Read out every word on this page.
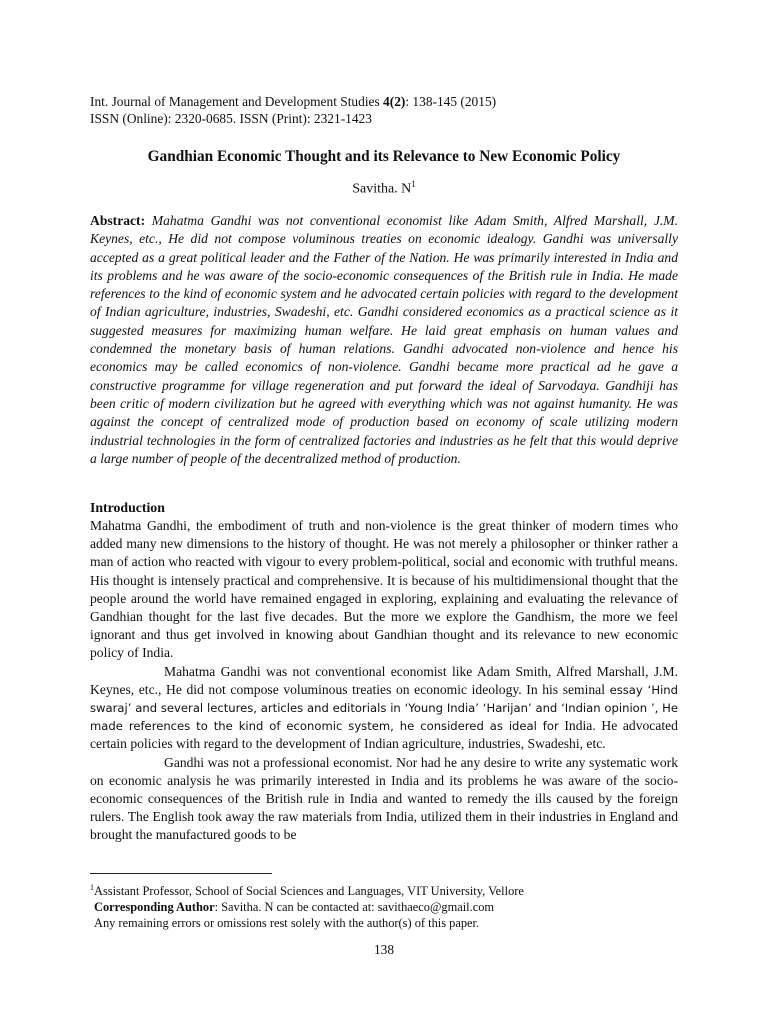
Int. Journal of Management and Development Studies 4(2): 138-145 (2015)
ISSN (Online): 2320-0685. ISSN (Print): 2321-1423
Gandhian Economic Thought and its Relevance to New Economic Policy
Savitha. $N^1$

Abstract: Mahatma Gandhi was not conventional economist like Adam Smith, Alfred Marshall, J.M. Keynes, etc., He did not compose voluminous treaties on economic idealogy. Gandhi was universally accepted as a great political leader and the Father of the Nation. He was primarily interested in India and its problems and he was aware of the socio-economic consequences of the British rule in India. He made references to the kind of economic system and he advocated certain policies with regard to the development of Indian agriculture, industries, Swadeshi, etc. Gandhi considered economics as a practical science as it suggested measures for maximizing human welfare. He laid great emphasis on human values and condemned the monetary basis of human relations. Gandhi advocated non-violence and hence his economics may be called economics of non-violence. Gandhi became more practical ad he gave a constructive programme for village regeneration and put forward the ideal of Sarvodaya. Gandhiji has been critic of modern civilization but he agreed with everything which was not against humanity. He was against the concept of centralized mode of production based on economy of scale utilizing modern industrial technologies in the form of centralized factories and industries as he felt that this would deprive a large number of people of the decentralized method of production.

Introduction

Mahatma Gandhi, the embodiment of truth and non-violence is the great thinker of modern times who added many new dimensions to the history of thought. He was not merely a philosopher or thinker rather a man of action who reacted with vigour to every problem-political, social and economic with truthful means. His thought is intensely practical and comprehensive. It is because of his multidimensional thought that the people around the world have remained engaged in exploring, explaining and evaluating the relevance of Gandhian thought for the last five decades. But the more we explore the Gandhism, the more we feel ignorant and thus get involved in knowing about Gandhian thought and its relevance to new economic policy of India.

Mahatma Gandhi was not conventional economist like Adam Smith, Alfred Marshall, J.M. Keynes, etc., He did not compose voluminous treaties on economic ideology. In his seminal essay ‘Hind swaraj’ and several lectures, articles and editorials in ‘Young India’ ‘Harijan’ and ‘Indian opinion ’, He made references to the kind of economic system, he considered as ideal for India. He advocated certain policies with regard to the development of Indian agriculture, industries, Swadeshi, etc.

Gandhi was not a professional economist. Nor had he any desire to write any systematic work on economic analysis he was primarily interested in India and its problems he was aware of the socio-economic consequences of the British rule in India and wanted to remedy the ills caused by the foreign rulers. The English took away the raw materials from India, utilized them in their industries in England and brought the manufactured goods to be

$^1$Assistant Professor, School of Social Sciences and Languages, VIT University, Vellore
Corresponding Author: Savitha. N can be contacted at: savithaeco@gmail.com
Any remaining errors or omissions rest solely with the author(s) of this paper.
138
